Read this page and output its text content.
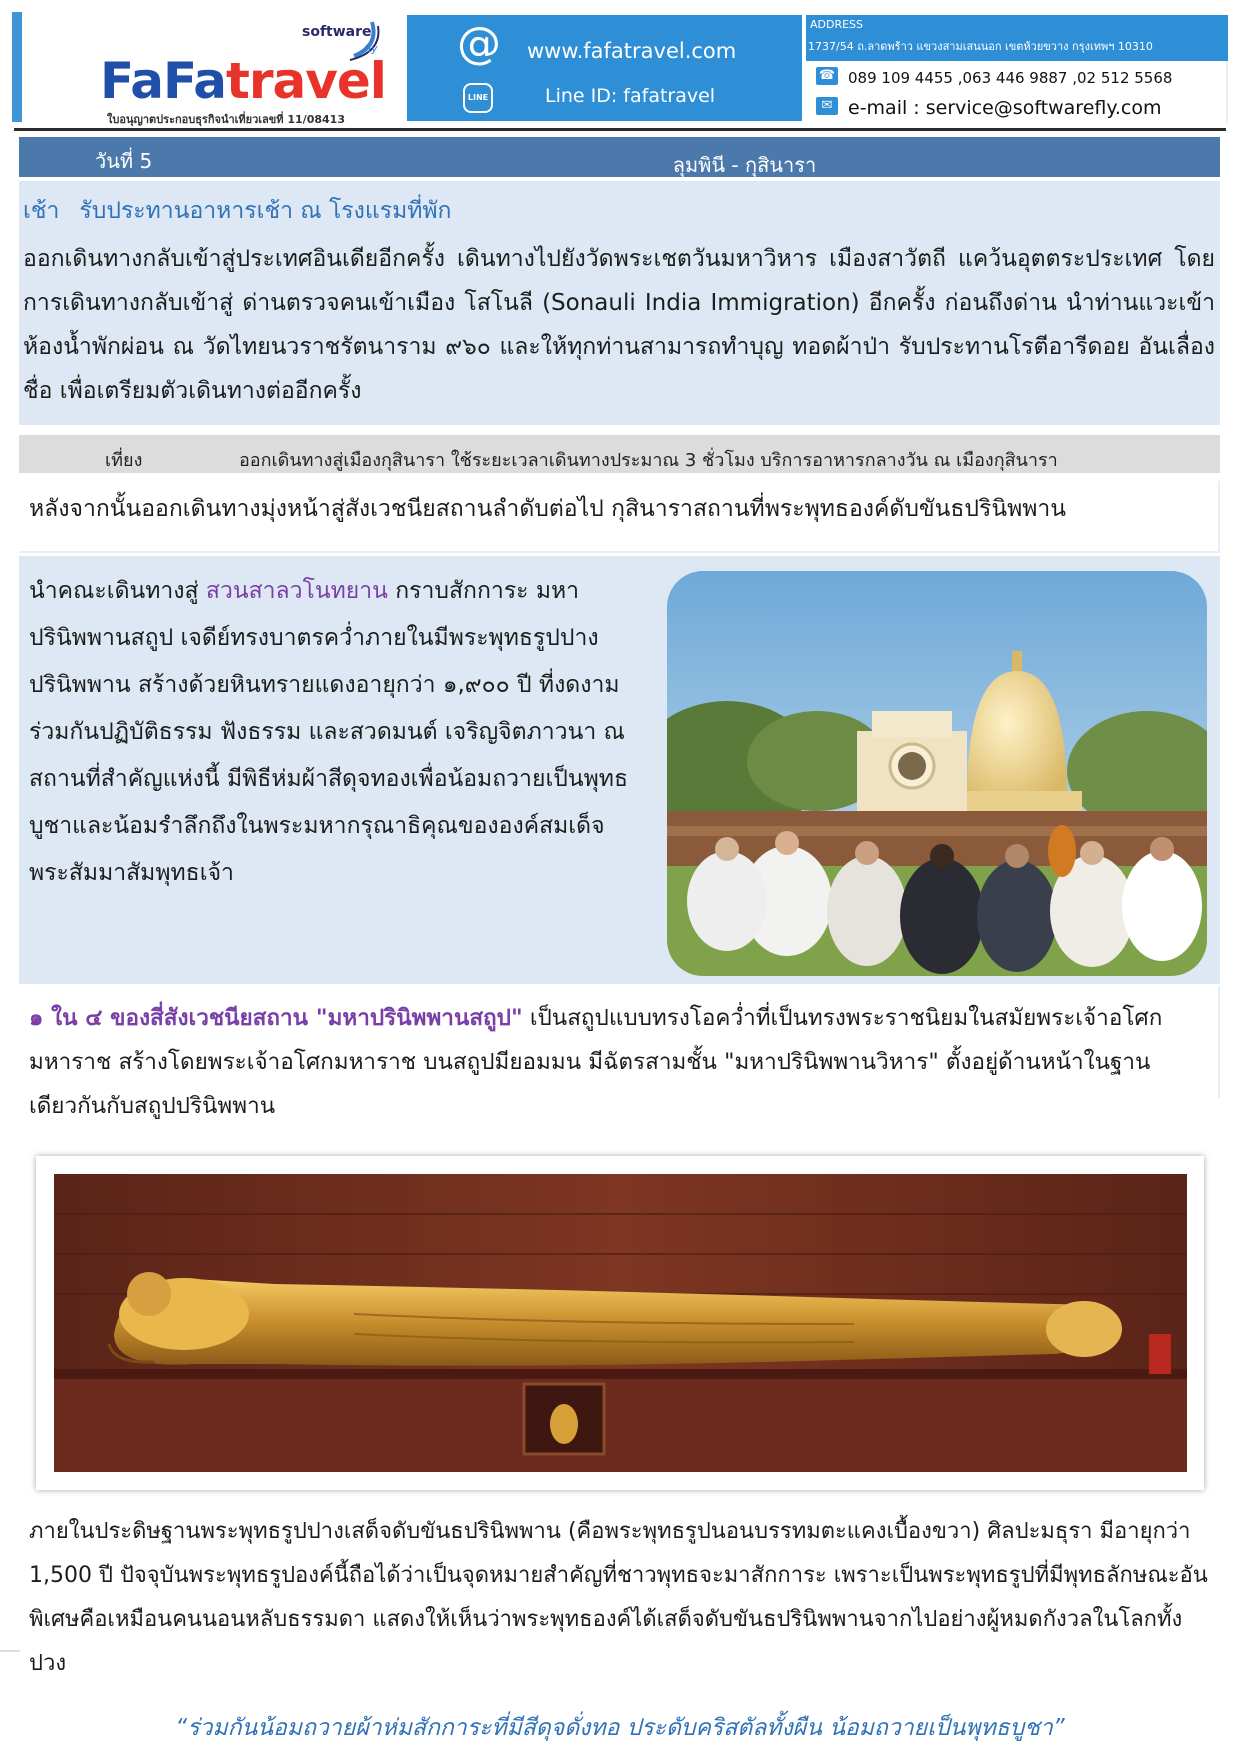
software
fly
FaFatravel
ใบอนุญาตประกอบธุรกิจนำเที่ยวเลขที่ 11/08413
@
LINE
www.fafatravel.com
Line ID: fafatravel
ADDRESS
1737/54 ถ.ลาดพร้าว แขวงสามเสนนอก เขตห้วยขวาง กรุงเทพฯ 10310
☎ 089 109 4455 ,063 446 9887 ,02 512 5568
✉ e-mail : service@softwarefly.com
วันที่ 5	ลุมพินี - กุสินารา
เช้า รับประทานอาหารเช้า ณ โรงแรมที่พัก
ออกเดินทางกลับเข้าสู่ประเทศอินเดียอีกครั้ง เดินทางไปยังวัดพระเชตวันมหาวิหาร เมืองสาวัตถี แคว้นอุตตระประเทศ โดยการเดินทางกลับเข้าสู่ ด่านตรวจคนเข้าเมือง โสโนลี (Sonauli India Immigration) อีกครั้ง ก่อนถึงด่าน นำท่านแวะเข้าห้องน้ำพักผ่อน ณ วัดไทยนวราชรัตนาราม ๙๖๐ และให้ทุกท่านสามารถทำบุญ ทอดผ้าป่า รับประทานโรตีอารีดอย อันเลื่องชื่อ เพื่อเตรียมตัวเดินทางต่ออีกครั้ง
เที่ยง	ออกเดินทางสู่เมืองกุสินารา ใช้ระยะเวลาเดินทางประมาณ 3 ชั่วโมง บริการอาหารกลางวัน ณ เมืองกุสินารา
หลังจากนั้นออกเดินทางมุ่งหน้าสู่สังเวชนียสถานลำดับต่อไป กุสินาราสถานที่พระพุทธองค์ดับขันธปรินิพพาน
นำคณะเดินทางสู่ สวนสาลวโนทยาน กราบสักการะ มหาปรินิพพานสถูป เจดีย์ทรงบาตรคว่ำภายในมีพระพุทธรูปปางปรินิพพาน สร้างด้วยหินทรายแดงอายุกว่า ๑,๙๐๐ ปี ที่งดงาม ร่วมกันปฏิบัติธรรม ฟังธรรม และสวดมนต์ เจริญจิตภาวนา ณ สถานที่สำคัญแห่งนี้ มีพิธีห่มผ้าสีดุจทองเพื่อน้อมถวายเป็นพุทธบูชาและน้อมรำลึกถึงในพระมหากรุณาธิคุณขององค์สมเด็จพระสัมมาสัมพุทธเจ้า
๑ ใน ๔ ของสี่สังเวชนียสถาน "มหาปรินิพพานสถูป" เป็นสถูปแบบทรงโอคว่ำที่เป็นทรงพระราชนิยมในสมัยพระเจ้าอโศกมหาราช สร้างโดยพระเจ้าอโศกมหาราช บนสถูปมียอมมน มีฉัตรสามชั้น "มหาปรินิพพานวิหาร" ตั้งอยู่ด้านหน้าในฐานเดียวกันกับสถูปปรินิพพาน
ภายในประดิษฐานพระพุทธรูปปางเสด็จดับขันธปรินิพพาน (คือพระพุทธรูปนอนบรรทมตะแคงเบื้องขวา) ศิลปะมธุรา มีอายุกว่า 1,500 ปี ปัจจุบันพระพุทธรูปองค์นี้ถือได้ว่าเป็นจุดหมายสำคัญที่ชาวพุทธจะมาสักการะ เพราะเป็นพระพุทธรูปที่มีพุทธลักษณะอันพิเศษคือเหมือนคนนอนหลับธรรมดา แสดงให้เห็นว่าพระพุทธองค์ได้เสด็จดับขันธปรินิพพานจากไปอย่างผู้หมดกังวลในโลกทั้งปวง
“ร่วมกันน้อมถวายผ้าห่มสักการะที่มีสีดุจดั่งทอ ประดับคริสตัลทั้งผืน น้อมถวายเป็นพุทธบูชา”
